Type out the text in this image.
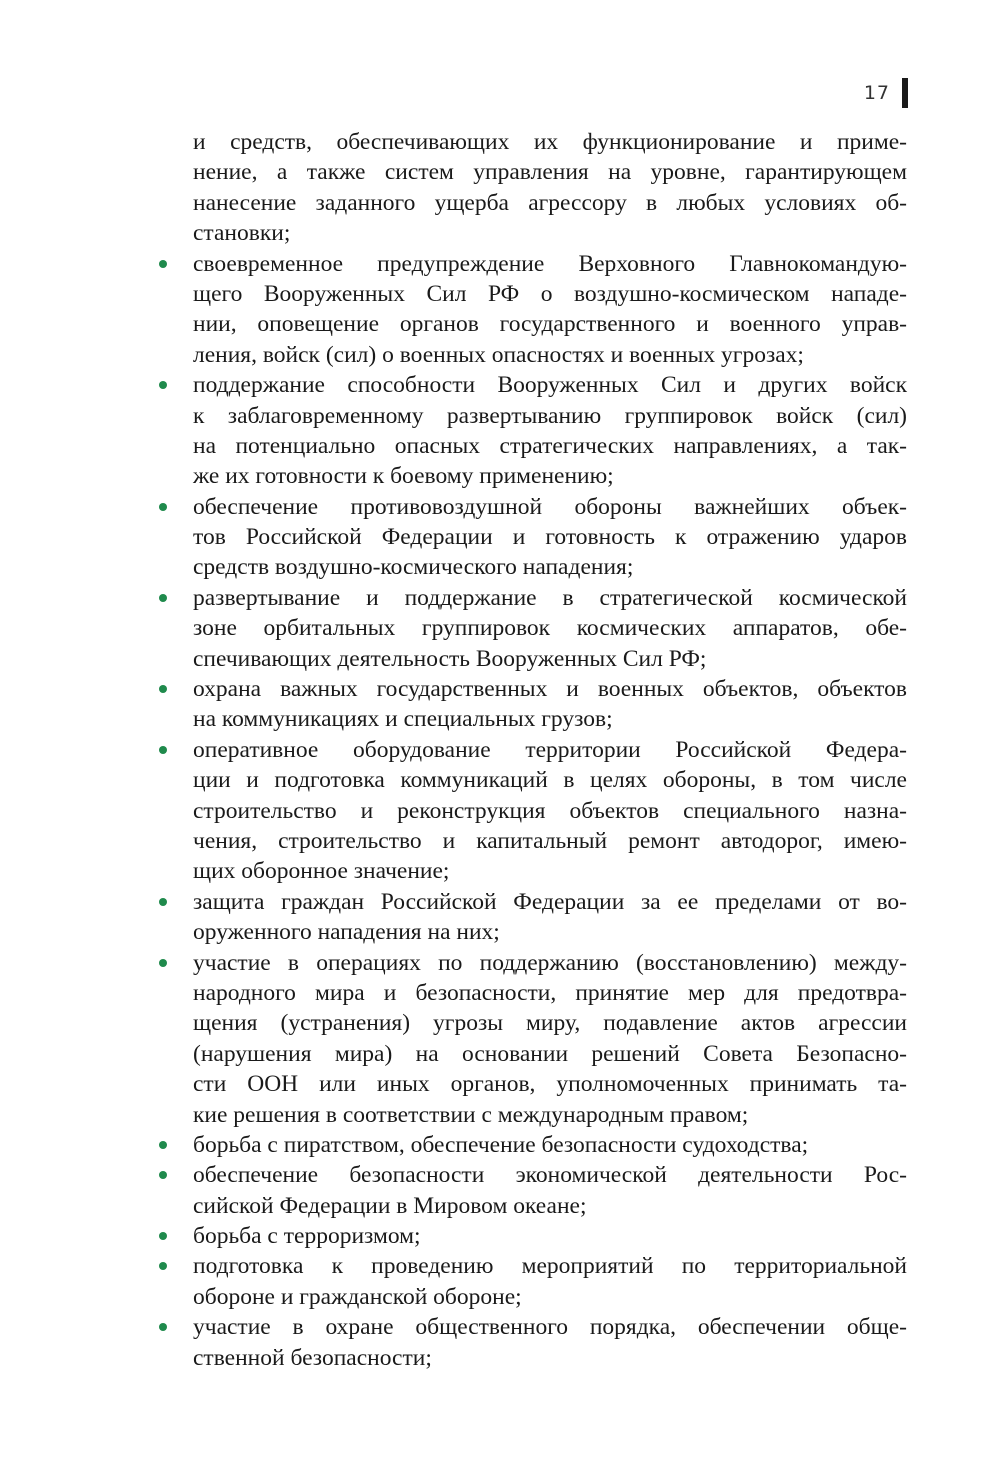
17
и средств, обеспечивающих их функционирование и приме-
нение, а также систем управления на уровне, гарантирующем
нанесение заданного ущерба агрессору в любых условиях об-
становки;
своевременное предупреждение Верховного Главнокомандую-
щего Вооруженных Сил РФ о воздушно-космическом нападе-
нии, оповещение органов государственного и военного управ-
ления, войск (сил) о военных опасностях и военных угрозах;
поддержание способности Вооруженных Сил и других войск
к заблаговременному развертыванию группировок войск (сил)
на потенциально опасных стратегических направлениях, а так-
же их готовности к боевому применению;
обеспечение противовоздушной обороны важнейших объек-
тов Российской Федерации и готовность к отражению ударов
средств воздушно-космического нападения;
развертывание и поддержание в стратегической космической
зоне орбитальных группировок космических аппаратов, обе-
спечивающих деятельность Вооруженных Сил РФ;
охрана важных государственных и военных объектов, объектов
на коммуникациях и специальных грузов;
оперативное оборудование территории Российской Федера-
ции и подготовка коммуникаций в целях обороны, в том числе
строительство и реконструкция объектов специального назна-
чения, строительство и капитальный ремонт автодорог, имею-
щих оборонное значение;
защита граждан Российской Федерации за ее пределами от во-
оруженного нападения на них;
участие в операциях по поддержанию (восстановлению) между-
народного мира и безопасности, принятие мер для предотвра-
щения (устранения) угрозы миру, подавление актов агрессии
(нарушения мира) на основании решений Совета Безопасно-
сти ООН или иных органов, уполномоченных принимать та-
кие решения в соответствии с международным правом;
борьба с пиратством, обеспечение безопасности судоходства;
обеспечение безопасности экономической деятельности Рос-
сийской Федерации в Мировом океане;
борьба с терроризмом;
подготовка к проведению мероприятий по территориальной
обороне и гражданской обороне;
участие в охране общественного порядка, обеспечении обще-
ственной безопасности;
